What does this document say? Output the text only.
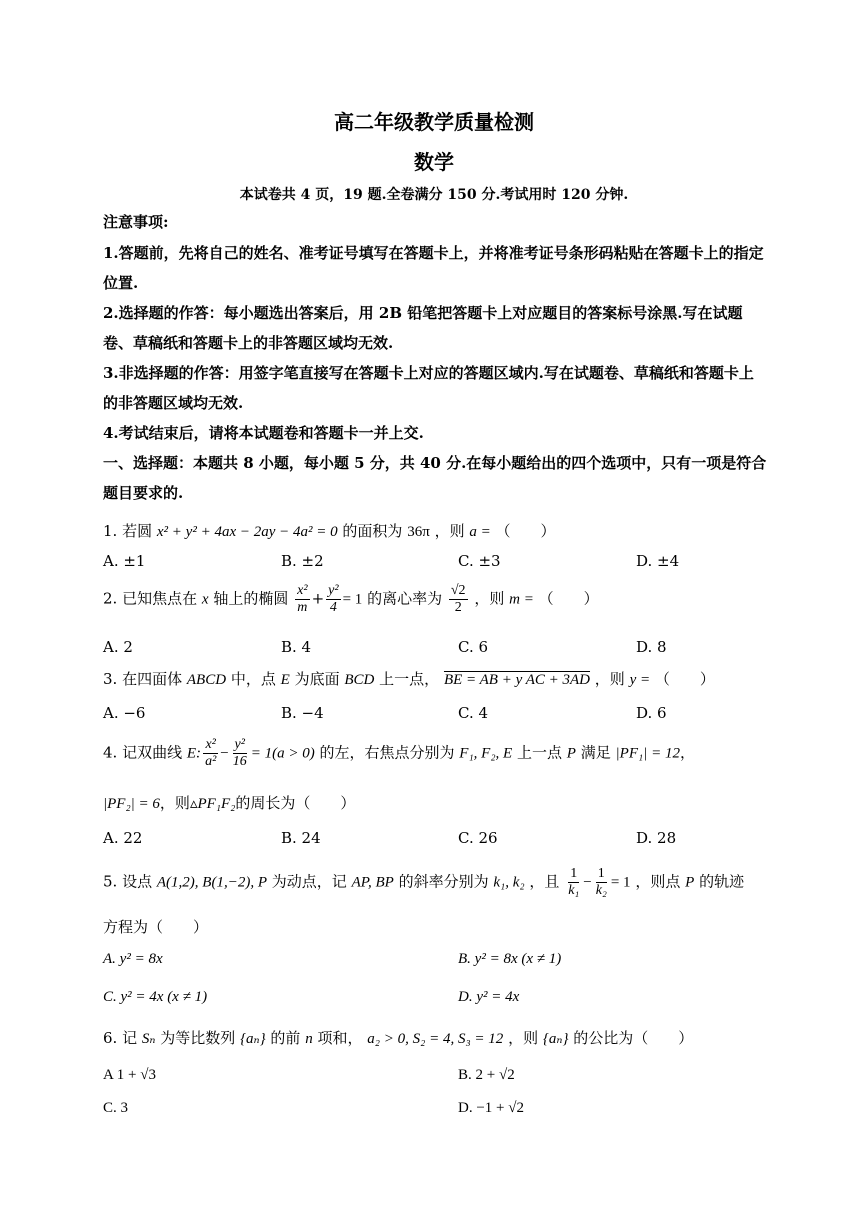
高二年级教学质量检测
数学
本试卷共 4 页，19 题.全卷满分 150 分.考试用时 120 分钟.
注意事项:
1.答题前，先将自己的姓名、准考证号填写在答题卡上，并将准考证号条形码粘贴在答题卡上的指定位置.
2.选择题的作答：每小题选出答案后，用 2B 铅笔把答题卡上对应题目的答案标号涂黑.写在试题卷、草稿纸和答题卡上的非答题区域均无效.
3.非选择题的作答：用签字笔直接写在答题卡上对应的答题区域内.写在试题卷、草稿纸和答题卡上的非答题区域均无效.
4.考试结束后，请将本试题卷和答题卡一并上交.
一、选择题：本题共 8 小题，每小题 5 分，共 40 分.在每小题给出的四个选项中，只有一项是符合题目要求的.
1. 若圆 x² + y² + 4ax − 2ay − 4a² = 0 的面积为 36π ，则 a = （　　）
A. ±1	B. ±2	C. ±3	D. ±4
2. 已知焦点在 x 轴上的椭圆 $\frac{\text{x²}}{m} + \frac{\text{y²}}{4} = 1$ 的离心率为 $\frac{√2}{2}$ ，则 m = （　　）
A. 2	B. 4	C. 6	D. 8
3. 在四面体 ABCD 中，点 E 为底面 BCD 上一点， BE = AB + y AC + 3AD ，则 y = （　　）
A. −6	B. −4	C. 4	D. 6
4. 记双曲线 E: $\frac{\text{x²}}{\text{a²}} - \frac{\text{y²}}{16} = 1(a > 0)$ 的左，右焦点分别为 F₁, F₂, E 上一点 P 满足 |PF₁| = 12，
|PF₂| = 6，则▵PF₁F₂的周长为（　　）
A. 22	B. 24	C. 26	D. 28
5. 设点 A(1,2), B(1,−2), P 为动点，记 AP, BP 的斜率分别为 k₁, k₂ ，且 $\frac{1}{\text{k₁}} - \frac{1}{\text{k₂}} = 1$ ，则点 P 的轨迹
方程为（　　）
A. y² = 8x	B. y² = 8x (x ≠ 1)
C. y² = 4x (x ≠ 1)	D. y² = 4x
6. 记 Sₙ 为等比数列 {aₙ} 的前 n 项和， a₂ > 0, S₂ = 4, S₃ = 12 ，则 {aₙ} 的公比为（　　）
A 1 + √3	B. 2 + √2
C. 3	D. −1 + √2
